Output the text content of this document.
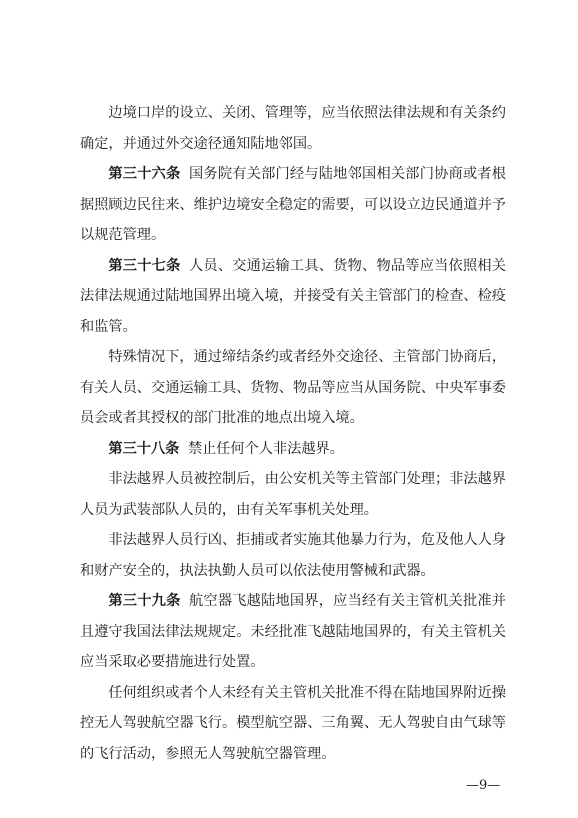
边境口岸的设立、关闭、管理等，应当依照法律法规和有关条约确定，并通过外交途径通知陆地邻国。

第三十六条 国务院有关部门经与陆地邻国相关部门协商或者根据照顾边民往来、维护边境安全稳定的需要，可以设立边民通道并予以规范管理。

第三十七条 人员、交通运输工具、货物、物品等应当依照相关法律法规通过陆地国界出境入境，并接受有关主管部门的检查、检疫和监管。

特殊情况下，通过缔结条约或者经外交途径、主管部门协商后，有关人员、交通运输工具、货物、物品等应当从国务院、中央军事委员会或者其授权的部门批准的地点出境入境。

第三十八条 禁止任何个人非法越界。

非法越界人员被控制后，由公安机关等主管部门处理；非法越界人员为武装部队人员的，由有关军事机关处理。

非法越界人员行凶、拒捕或者实施其他暴力行为，危及他人人身和财产安全的，执法执勤人员可以依法使用警械和武器。

第三十九条 航空器飞越陆地国界，应当经有关主管机关批准并且遵守我国法律法规规定。未经批准飞越陆地国界的，有关主管机关应当采取必要措施进行处置。

任何组织或者个人未经有关主管机关批准不得在陆地国界附近操控无人驾驶航空器飞行。模型航空器、三角翼、无人驾驶自由气球等的飞行活动，参照无人驾驶航空器管理。

—9—
